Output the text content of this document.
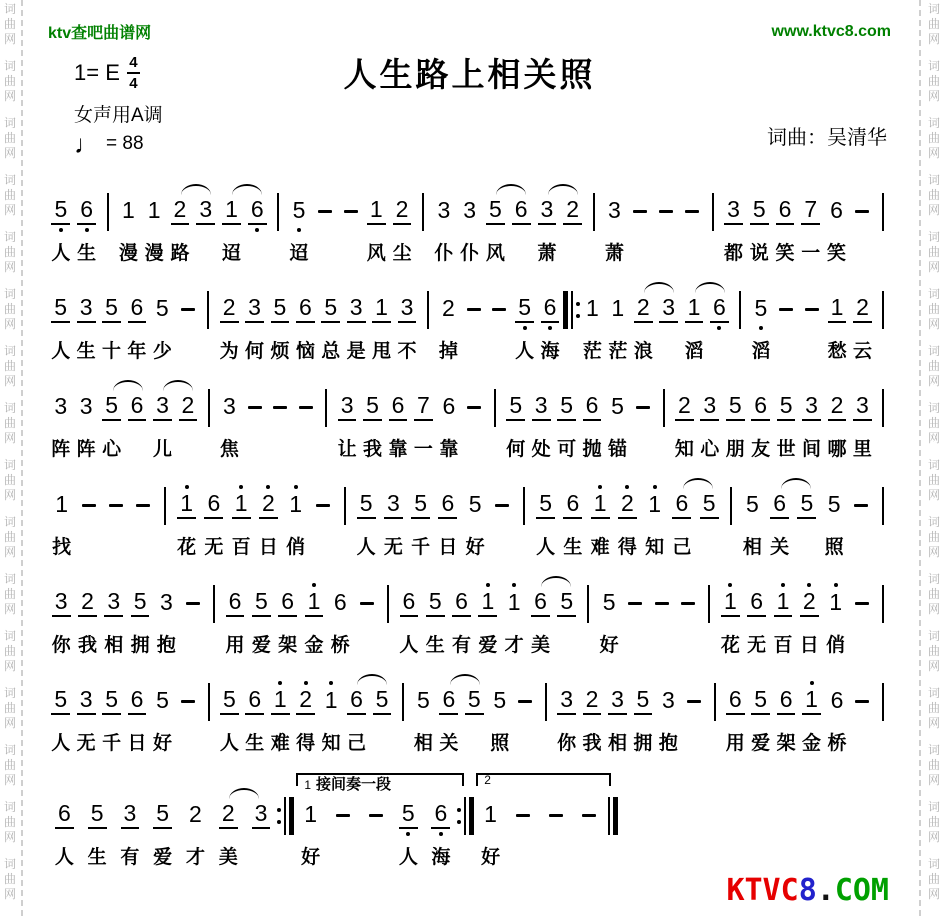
词
曲
网
词
曲
网
词
曲
网
词
曲
网
词
曲
网
词
曲
网
词
曲
网
词
曲
网
词
曲
网
词
曲
网
词
曲
网
词
曲
网
词
曲
网
词
曲
网
词
曲
网
词
曲
网
词
曲
网
词
曲
网
词
曲
网
词
曲
网
词
曲
网
词
曲
网
词
曲
网
词
曲
网
词
曲
网
词
曲
网
词
曲
网
词
曲
网
词
曲
网
词
曲
网
词
曲
网
词
曲
网
ktv查吧曲谱网	www.ktvc8.com
人生路上相关照
1= E $\frac{4}{4}$
女声用A调
♩ = 88	词曲：吴清华
5
人
6
生
1
漫
1
漫
2
路
3 1
迢
6 5
迢
1
风
2
尘
3
仆
3
仆
5
风
6 3
萧
2 3
萧
3
都
5
说
6
笑
7
一
6
笑
5
人
3
生
5
十
6
年
5
少
2
为
3
何
5
烦
6
恼
5
总
3
是
1
甩
3
不
2
掉
5
人
6
海
1
茫
1
茫
2
浪
3 1
滔
6 5
滔
1
愁
2
云
3
阵
3
阵
5
心
6 3
儿
2 3
焦
3
让
5
我
6
靠
7
一
6
靠
5
何
3
处
5
可
6
抛
5
锚
2
知
3
心
5
朋
6
友
5
世
3
间
2
哪
3
里
1
找
1
花
6
无
1
百
2
日
1
俏
5
人
3
无
5
千
6
日
5
好
5
人
6
生
1
难
2
得
1
知
6
己
5 5
相
6
关
5 5
照
3
你
2
我
3
相
5
拥
3
抱
6
用
5
爱
6
架
1
金
6
桥
6
人
5
生
6
有
1
爱
1
才
6
美
5 5
好
1
花
6
无
1
百
2
日
1
俏
5
人
3
无
5
千
6
日
5
好
5
人
6
生
1
难
2
得
1
知
6
己
5 5
相
6
关
5 5
照
3
你
2
我
3
相
5
拥
3
抱
6
用
5
爱
6
架
1
金
6
桥
6
人
5
生
3
有
5
爱
2
才
2
美
3
1 接间奏一段
1
好
5
人
6
海
2
1
好
KTVC8.COM
